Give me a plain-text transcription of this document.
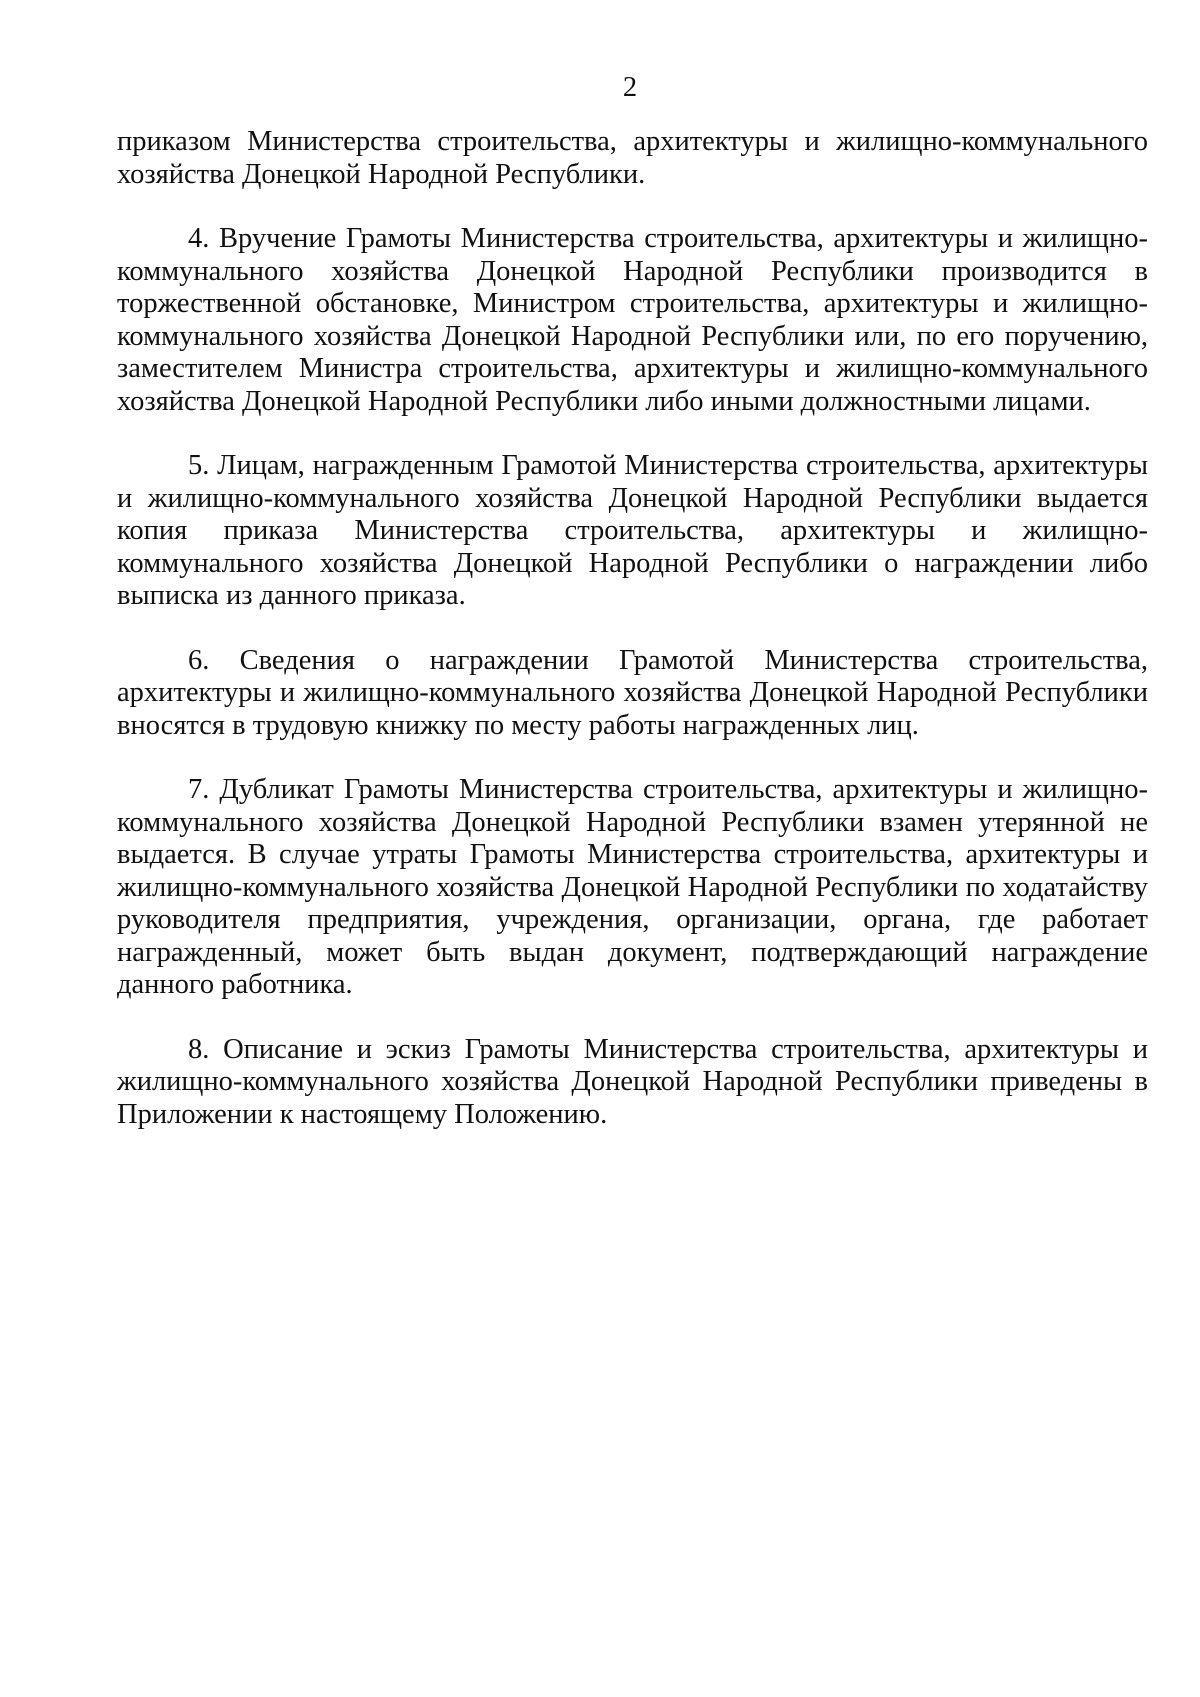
2

приказом Министерства строительства, архитектуры и жилищно-коммунального хозяйства Донецкой Народной Республики.

4. Вручение Грамоты Министерства строительства, архитектуры и жилищно-коммунального хозяйства Донецкой Народной Республики производится в торжественной обстановке, Министром строительства, архитектуры и жилищно-коммунального хозяйства Донецкой Народной Республики или, по его поручению, заместителем Министра строительства, архитектуры и жилищно-коммунального хозяйства Донецкой Народной Республики либо иными должностными лицами.

5. Лицам, награжденным Грамотой Министерства строительства, архитектуры и жилищно-коммунального хозяйства Донецкой Народной Республики выдается копия приказа Министерства строительства, архитектуры и жилищно-коммунального хозяйства Донецкой Народной Республики о награждении либо выписка из данного приказа.

6. Сведения о награждении Грамотой Министерства строительства, архитектуры и жилищно-коммунального хозяйства Донецкой Народной Республики вносятся в трудовую книжку по месту работы награжденных лиц.

7. Дубликат Грамоты Министерства строительства, архитектуры и жилищно-коммунального хозяйства Донецкой Народной Республики взамен утерянной не выдается. В случае утраты Грамоты Министерства строительства, архитектуры и жилищно-коммунального хозяйства Донецкой Народной Республики по ходатайству руководителя предприятия, учреждения, организации, органа, где работает награжденный, может быть выдан документ, подтверждающий награждение данного работника.

8. Описание и эскиз Грамоты Министерства строительства, архитектуры и жилищно-коммунального хозяйства Донецкой Народной Республики приведены в Приложении к настоящему Положению.
